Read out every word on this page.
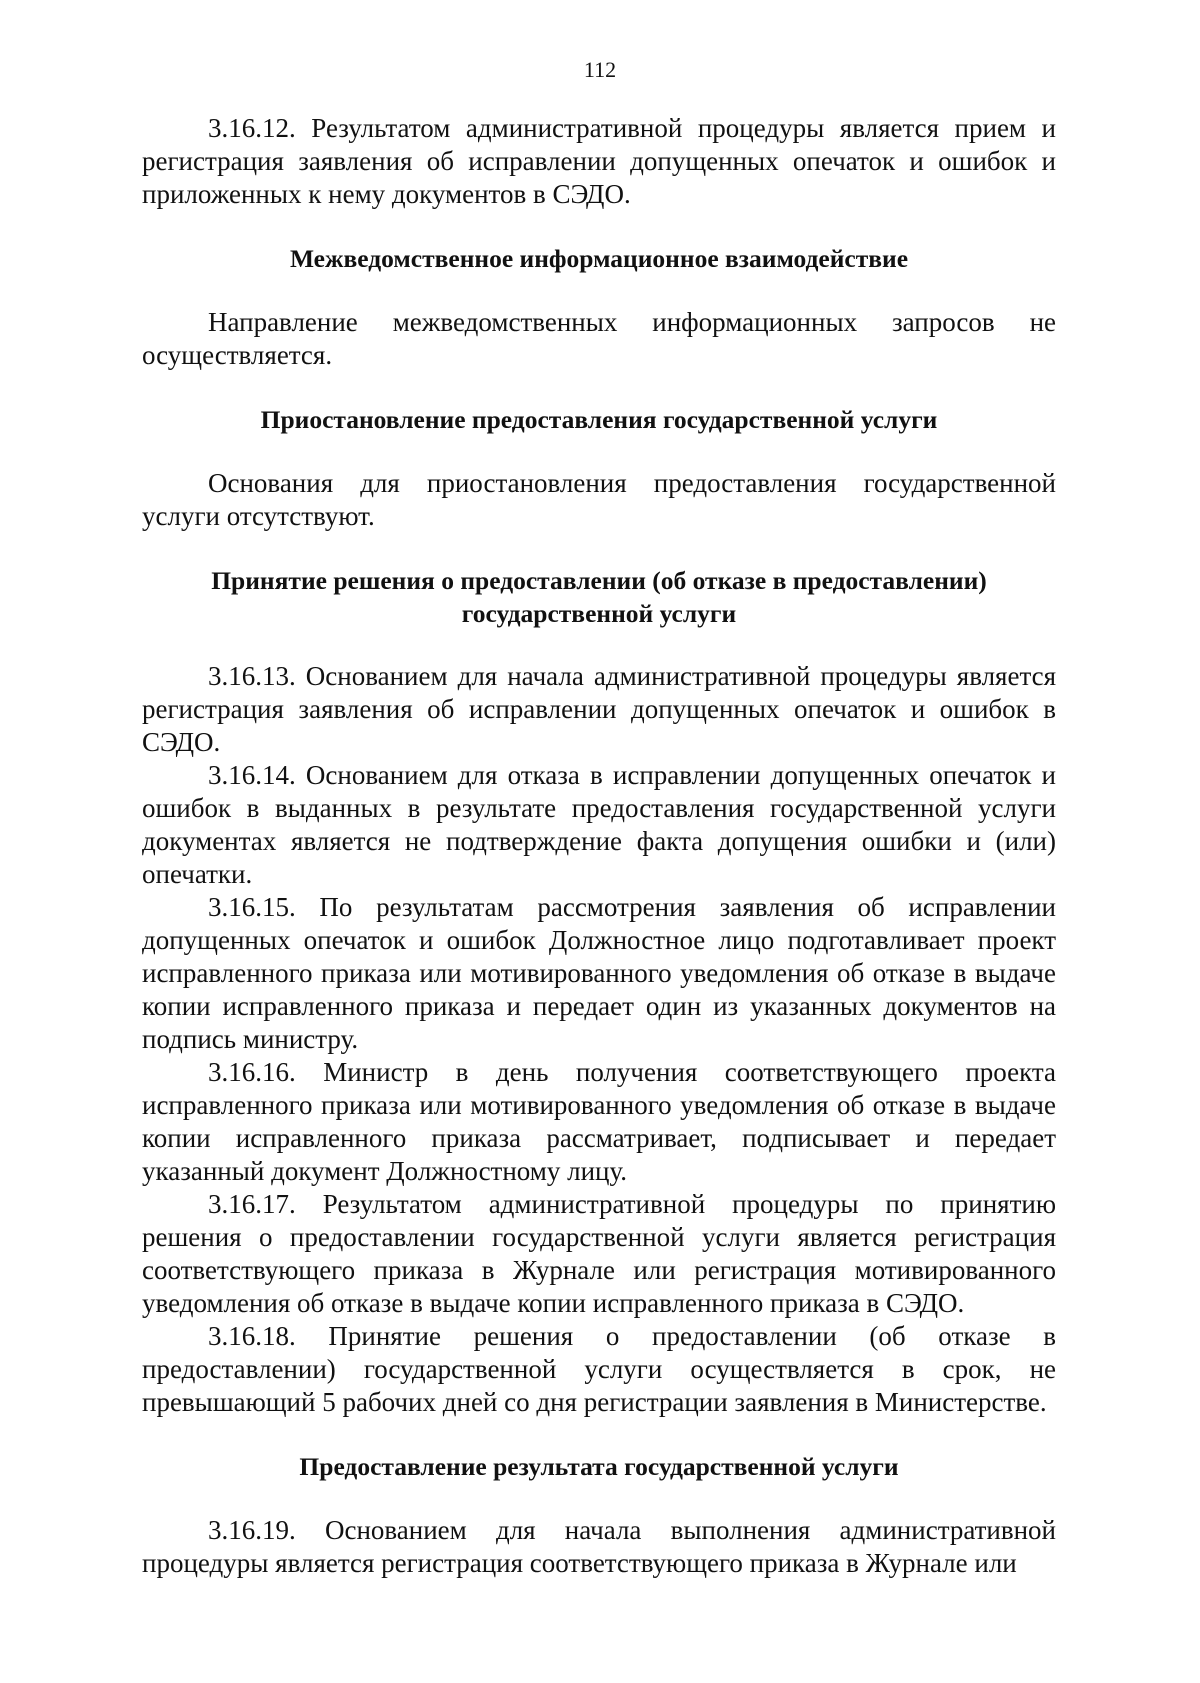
112

3.16.12. Результатом административной процедуры является прием и регистрация заявления об исправлении допущенных опечаток и ошибок и приложенных к нему документов в СЭДО.

Межведомственное информационное взаимодействие

Направление межведомственных информационных запросов не осуществляется.

Приостановление предоставления государственной услуги

Основания для приостановления предоставления государственной услуги отсутствуют.

Принятие решения о предоставлении (об отказе в предоставлении) государственной услуги

3.16.13. Основанием для начала административной процедуры является регистрация заявления об исправлении допущенных опечаток и ошибок в СЭДО.

3.16.14. Основанием для отказа в исправлении допущенных опечаток и ошибок в выданных в результате предоставления государственной услуги документах является не подтверждение факта допущения ошибки и (или) опечатки.

3.16.15. По результатам рассмотрения заявления об исправлении допущенных опечаток и ошибок Должностное лицо подготавливает проект исправленного приказа или мотивированного уведомления об отказе в выдаче копии исправленного приказа и передает один из указанных документов на подпись министру.

3.16.16. Министр в день получения соответствующего проекта исправленного приказа или мотивированного уведомления об отказе в выдаче копии исправленного приказа рассматривает, подписывает и передает указанный документ Должностному лицу.

3.16.17. Результатом административной процедуры по принятию решения о предоставлении государственной услуги является регистрация соответствующего приказа в Журнале или регистрация мотивированного уведомления об отказе в выдаче копии исправленного приказа в СЭДО.

3.16.18. Принятие решения о предоставлении (об отказе в предоставлении) государственной услуги осуществляется в срок, не превышающий 5 рабочих дней со дня регистрации заявления в Министерстве.

Предоставление результата государственной услуги

3.16.19. Основанием для начала выполнения административной процедуры является регистрация соответствующего приказа в Журнале или
